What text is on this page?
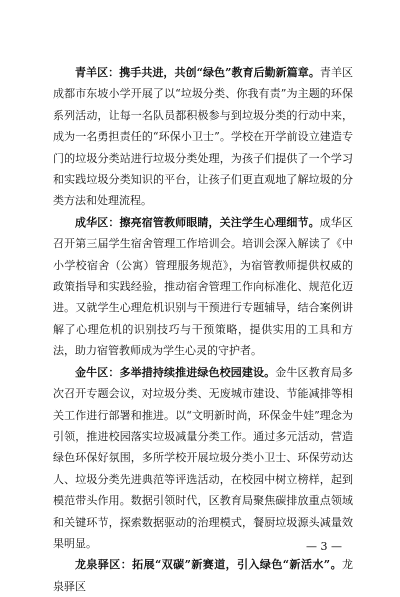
青羊区：携手共进，共创“绿色”教育后勤新篇章。青羊区成都市东坡小学开展了以“垃圾分类、你我有责”为主题的环保系列活动，让每一名队员都积极参与到垃圾分类的行动中来，成为一名勇担责任的“环保小卫士”。学校在开学前设立建造专门的垃圾分类站进行垃圾分类处理，为孩子们提供了一个学习和实践垃圾分类知识的平台，让孩子们更直观地了解垃圾的分类方法和处理流程。

成华区：擦亮宿管教师眼睛，关注学生心理细节。成华区召开第三届学生宿舍管理工作培训会。培训会深入解读了《中小学校宿舍（公寓）管理服务规范》，为宿管教师提供权威的政策指导和实践经验，推动宿舍管理工作向标准化、规范化迈进。又就学生心理危机识别与干预进行专题辅导，结合案例讲解了心理危机的识别技巧与干预策略，提供实用的工具和方法，助力宿管教师成为学生心灵的守护者。

金牛区：多举措持续推进绿色校园建设。金牛区教育局多次召开专题会议，对垃圾分类、无废城市建设、节能减排等相关工作进行部署和推进。以“文明新时尚，环保金牛娃”理念为引领，推进校园落实垃圾减量分类工作。通过多元活动，营造绿色环保好氛围，多所学校开展垃圾分类小卫士、环保劳动达人、垃圾分类先进典范等评选活动，在校园中树立榜样，起到模范带头作用。数据引领时代，区教育局聚焦碳排放重点领域和关键环节，探索数据驱动的治理模式，餐厨垃圾源头减量效果明显。

龙泉驿区：拓展“双碳”新赛道，引入绿色“新活水”。龙泉驿区

— 3 —
